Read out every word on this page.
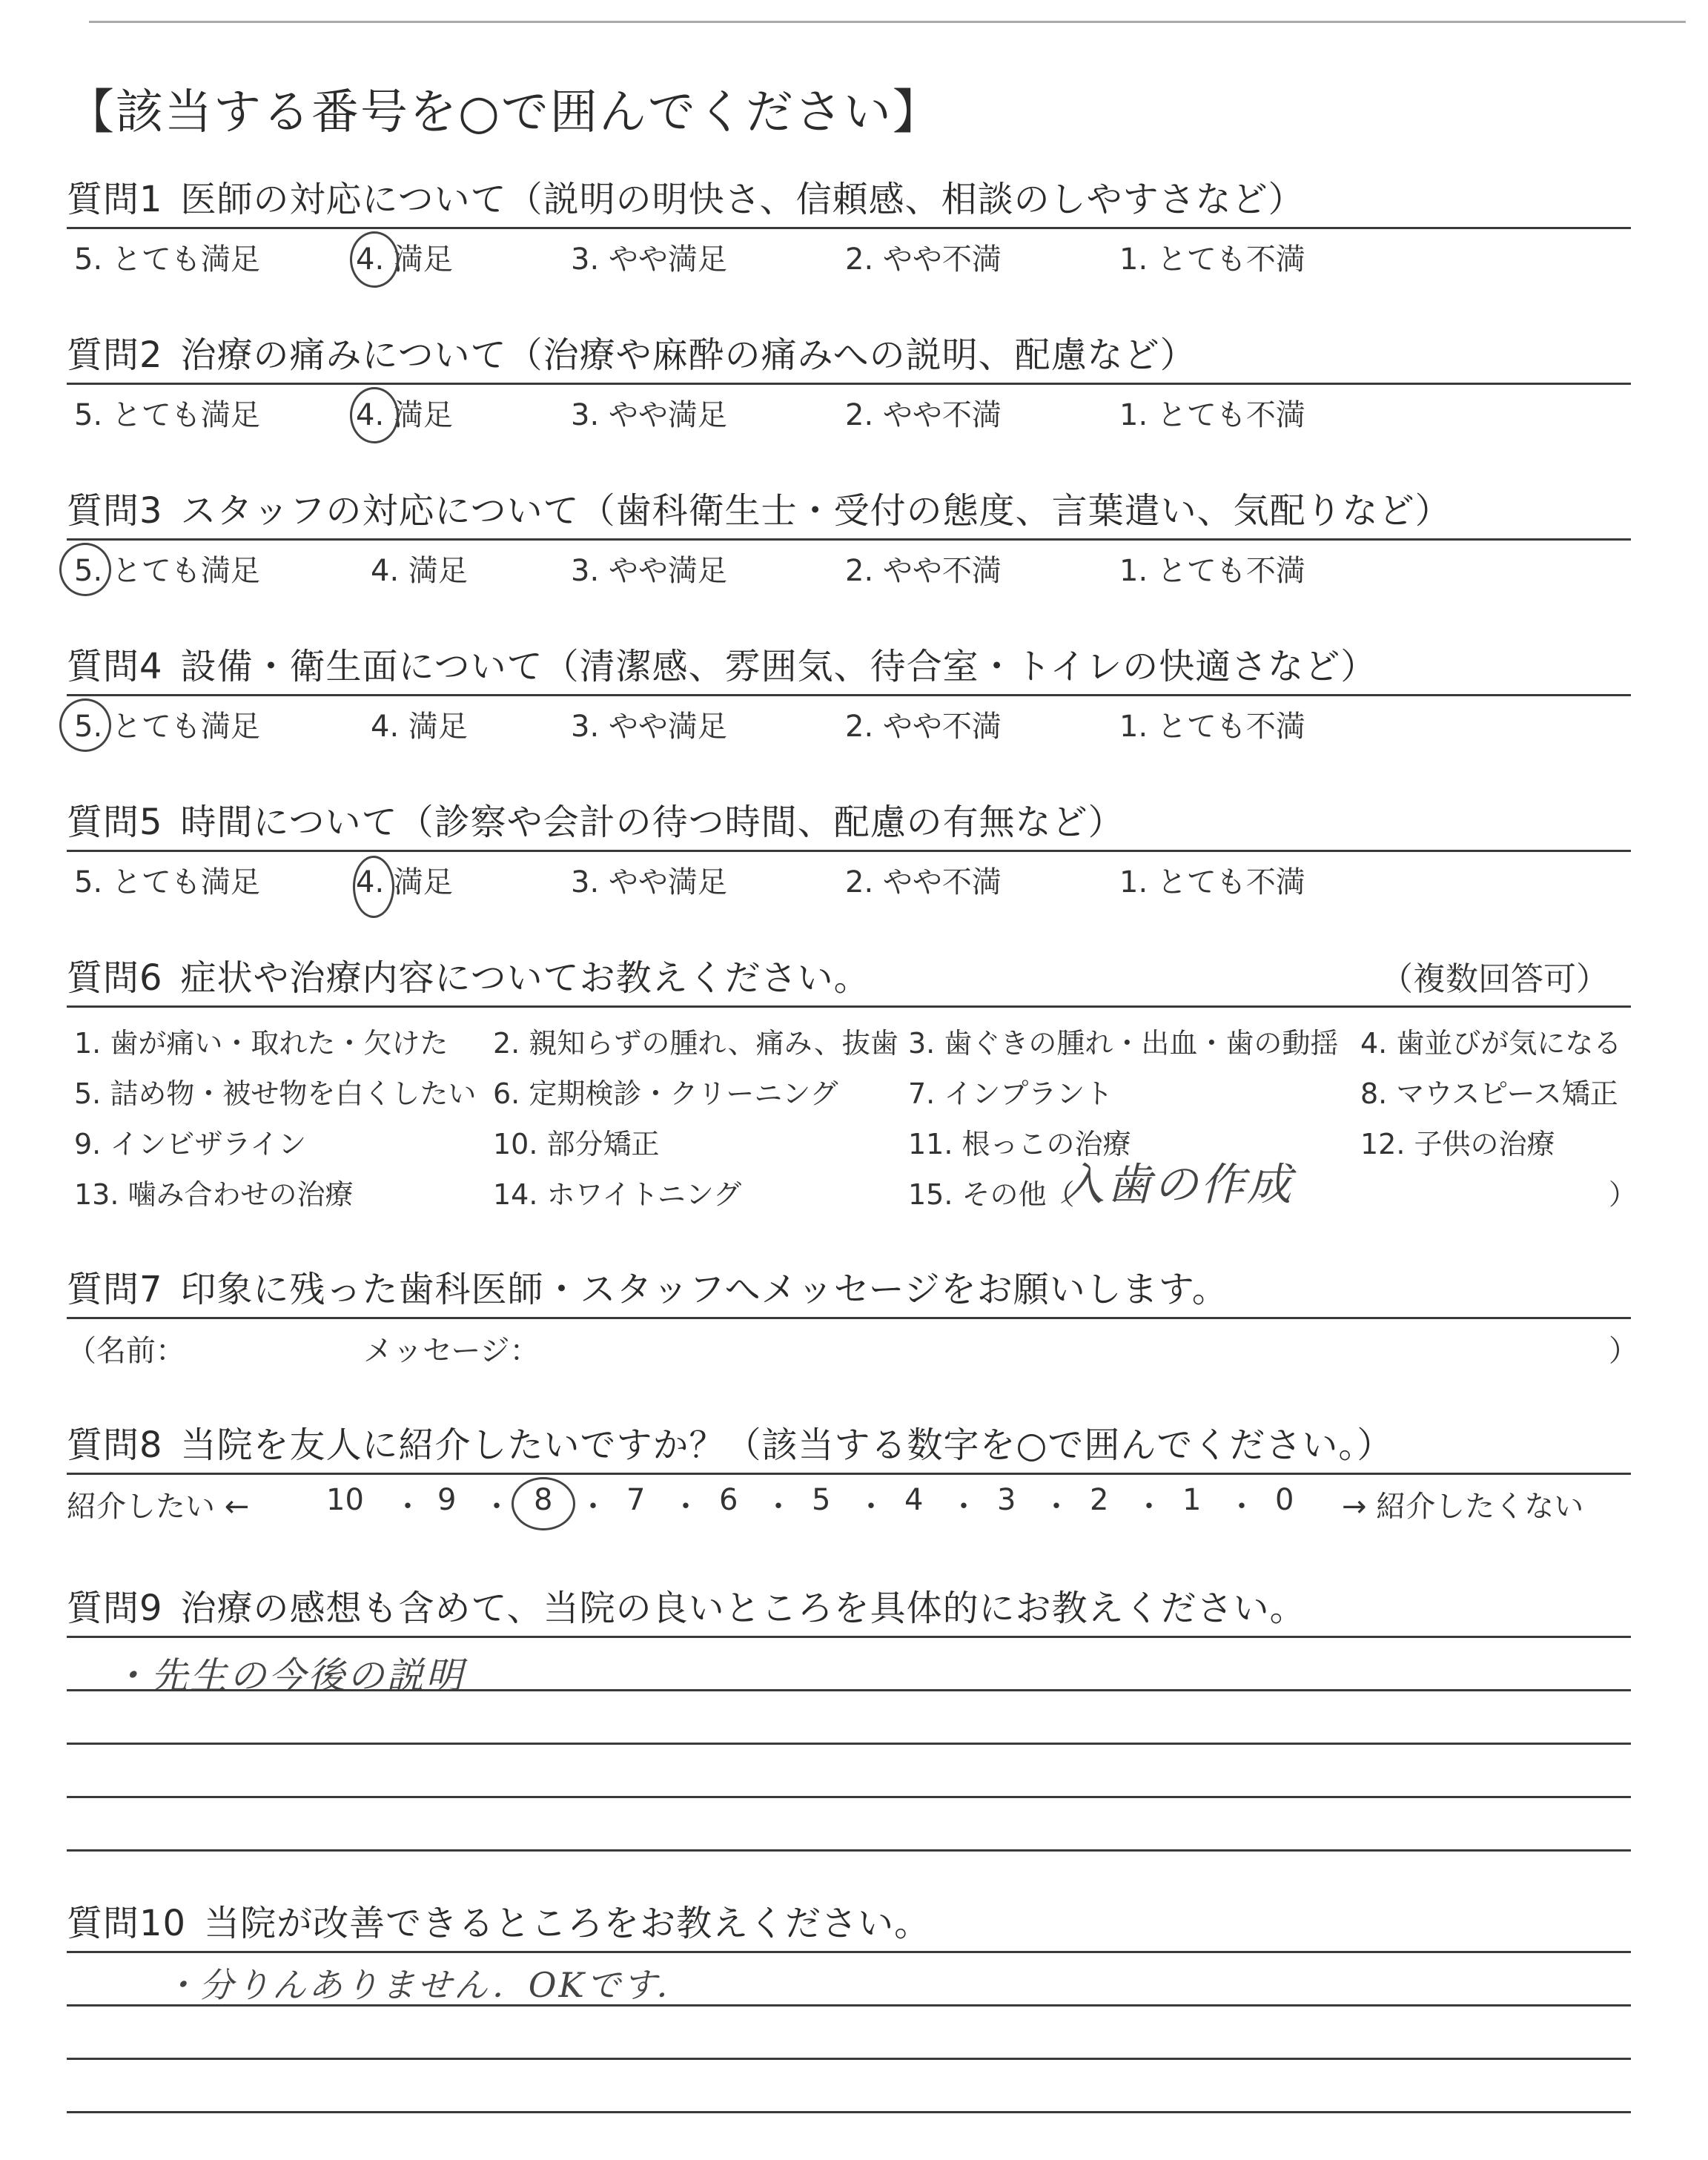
【該当する番号を○で囲んでください】
質問1 医師の対応について（説明の明快さ、信頼感、相談のしやすさなど）
5. とても満足	4. 満足	3. やや満足	2. やや不満	1. とても不満
質問2 治療の痛みについて（治療や麻酔の痛みへの説明、配慮など）
5. とても満足	4. 満足	3. やや満足	2. やや不満	1. とても不満
質問3 スタッフの対応について（歯科衛生士・受付の態度、言葉遣い、気配りなど）
5. とても満足	4. 満足	3. やや満足	2. やや不満	1. とても不満
質問4 設備・衛生面について（清潔感、雰囲気、待合室・トイレの快適さなど）
5. とても満足	4. 満足	3. やや満足	2. やや不満	1. とても不満
質問5 時間について（診察や会計の待つ時間、配慮の有無など）
5. とても満足	4. 満足	3. やや満足	2. やや不満	1. とても不満
質問6 症状や治療内容についてお教えください。	（複数回答可）
1. 歯が痛い・取れた・欠けた 2. 親知らずの腫れ、痛み、抜歯 3. 歯ぐきの腫れ・出血・歯の動揺 4. 歯並びが気になる
5. 詰め物・被せ物を白くしたい 6. 定期検診・クリーニング 7. インプラント	8. マウスピース矯正
9. インビザライン	10. 部分矯正	11. 根っこの治療	12. 子供の治療
13. 噛み合わせの治療	14. ホワイトニング	15. その他（
入歯の作成	）
質問7 印象に残った歯科医師・スタッフへメッセージをお願いします。
（名前：	メッセージ：	）
質問8 当院を友人に紹介したいですか？（該当する数字を○で囲んでください。）
紹介したい ←	10 ・ 9 ・ 8 ・ 7 ・ 6 ・ 5 ・ 4 ・ 3 ・ 2 ・ 1 ・ 0 → 紹介したくない
質問9 治療の感想も含めて、当院の良いところを具体的にお教えください。
・先生の今後の説明
質問10 当院が改善できるところをお教えください。
・分りんありません．OKです．
